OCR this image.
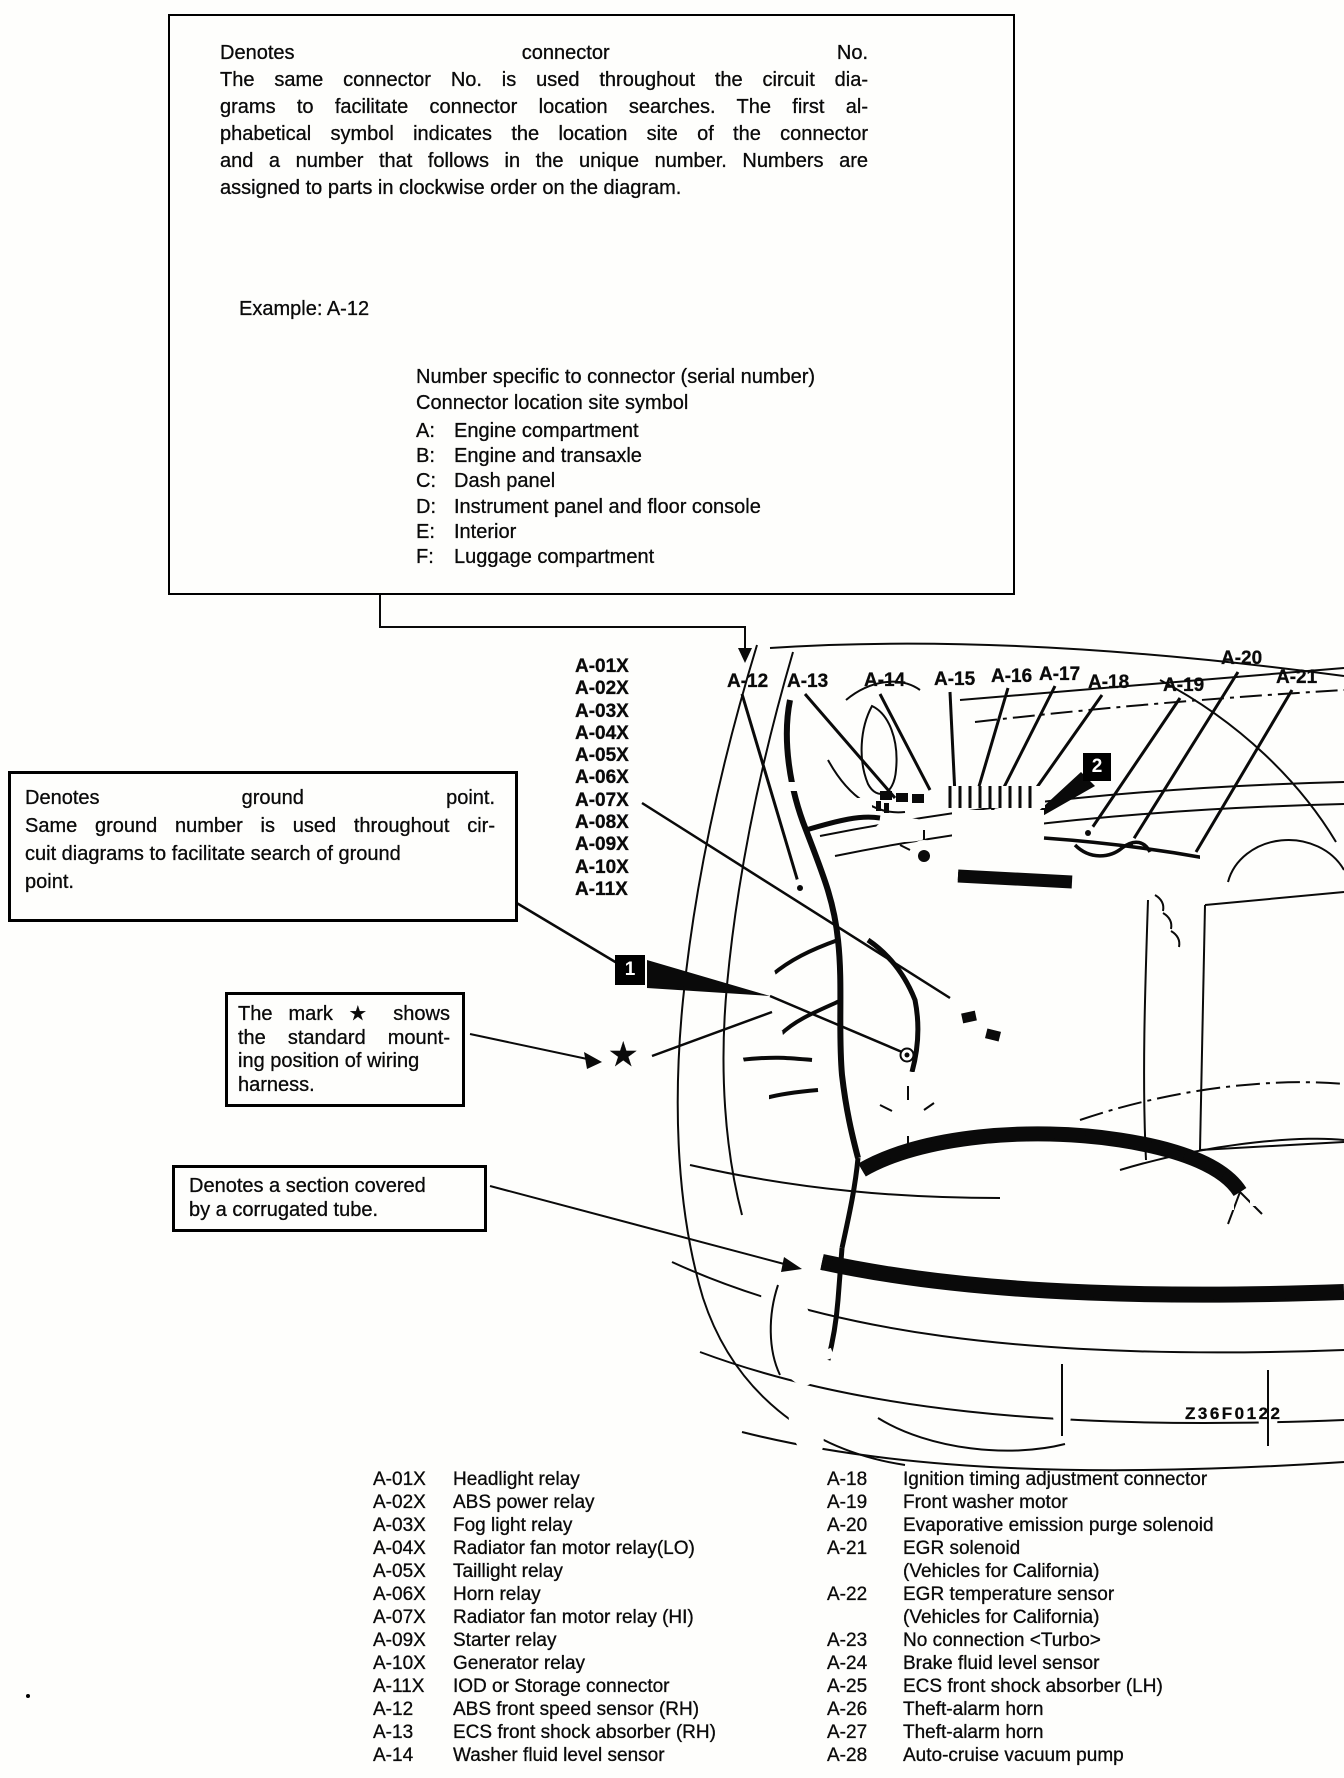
Denotes connector No.
The same connector No. is used throughout the circuit dia-
grams to facilitate connector location searches. The first al-
phabetical symbol indicates the location site of the connector
and a number that follows in the unique number. Numbers are
assigned to parts in clockwise order on the diagram.
Example: A-12
Number specific to connector (serial number)
Connector location site symbol
A: Engine compartment
B: Engine and transaxle
C: Dash panel
D: Instrument panel and floor console
E: Interior
F:	Luggage compartment
Denotes ground point.
Same ground number is used throughout cir-
cuit diagrams to facilitate search of ground
point.
The mark ★ shows
the standard mount-
ing position of wiring
harness.
Denotes a section covered
by a corrugated tube.
A-01X
A-02X
A-03X
A-04X
A-05X
A-06X
A-07X
A-08X
A-09X
A-10X
A-11X
A-12 A-13 A-14 A-15 A-16 A-17 A-18 A-19
A-20
A-21
1
2
★
Z36F0122
A-01X	Headlight relay
A-02X	ABS power relay
A-03X	Fog light relay
A-04X	Radiator fan motor relay(LO)
A-05X	Taillight relay
A-06X	Horn relay
A-07X	Radiator fan motor relay (HI)
A-09X	Starter relay
A-10X	Generator relay
A-11X	IOD or Storage connector
A-12	ABS front speed sensor (RH)
A-13	ECS front shock absorber (RH)
A-14	Washer fluid level sensor
A-18	Ignition timing adjustment connector
A-19	Front washer motor
A-20	Evaporative emission purge solenoid
A-21	EGR solenoid
(Vehicles for California)
A-22	EGR temperature sensor
(Vehicles for California)
A-23	No connection <Turbo>
A-24	Brake fluid level sensor
A-25	ECS front shock absorber (LH)
A-26	Theft-alarm horn
A-27	Theft-alarm horn
A-28	Auto-cruise vacuum pump
